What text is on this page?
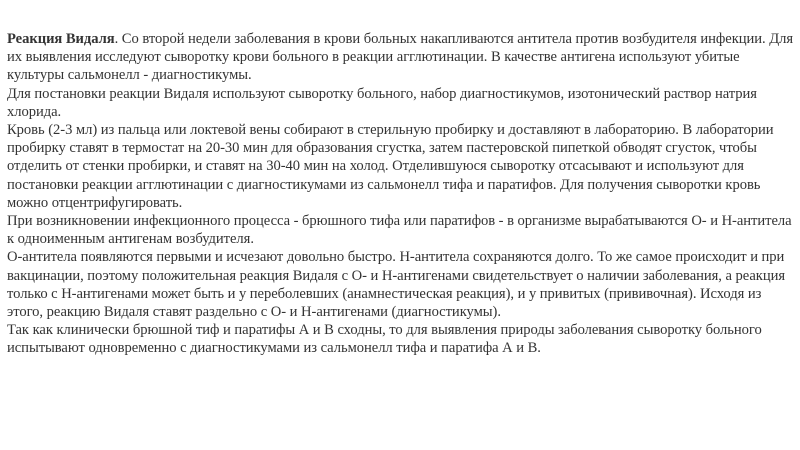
Реакция Видаля. Со второй недели заболевания в крови больных накапливаются антитела против возбудителя инфекции. Для их выявления исследуют сыворотку крови больного в реакции агглютинации. В качестве антигена используют убитые культуры сальмонелл - диагностикумы.

Для постановки реакции Видаля используют сыворотку больного, набор диагностикумов, изотонический раствор натрия хлорида.

Кровь (2-3 мл) из пальца или локтевой вены собирают в стерильную пробирку и доставляют в лабораторию. В лаборатории пробирку ставят в термостат на 20-30 мин для образования сгустка, затем пастеровской пипеткой обводят сгусток, чтобы отделить от стенки пробирки, и ставят на 30-40 мин на холод. Отделившуюся сыворотку отсасывают и используют для постановки реакции агглютинации с диагностикумами из сальмонелл тифа и паратифов. Для получения сыворотки кровь можно отцентрифугировать.

При возникновении инфекционного процесса - брюшного тифа или паратифов - в организме вырабатываются О- и Н-антитела к одноименным антигенам возбудителя.

О-антитела появляются первыми и исчезают довольно быстро. Н-антитела сохраняются долго. То же самое происходит и при вакцинации, поэтому положительная реакция Видаля с О- и Н-антигенами свидетельствует о наличии заболевания, а реакция только с Н-антигенами может быть и у переболевших (анамнестическая реакция), и у привитых (прививочная). Исходя из этого, реакцию Видаля ставят раздельно с О- и Н-антигенами (диагностикумы).

Так как клинически брюшной тиф и паратифы А и В сходны, то для выявления природы заболевания сыворотку больного испытывают одновременно с диагностикумами из сальмонелл тифа и паратифа А и В.
